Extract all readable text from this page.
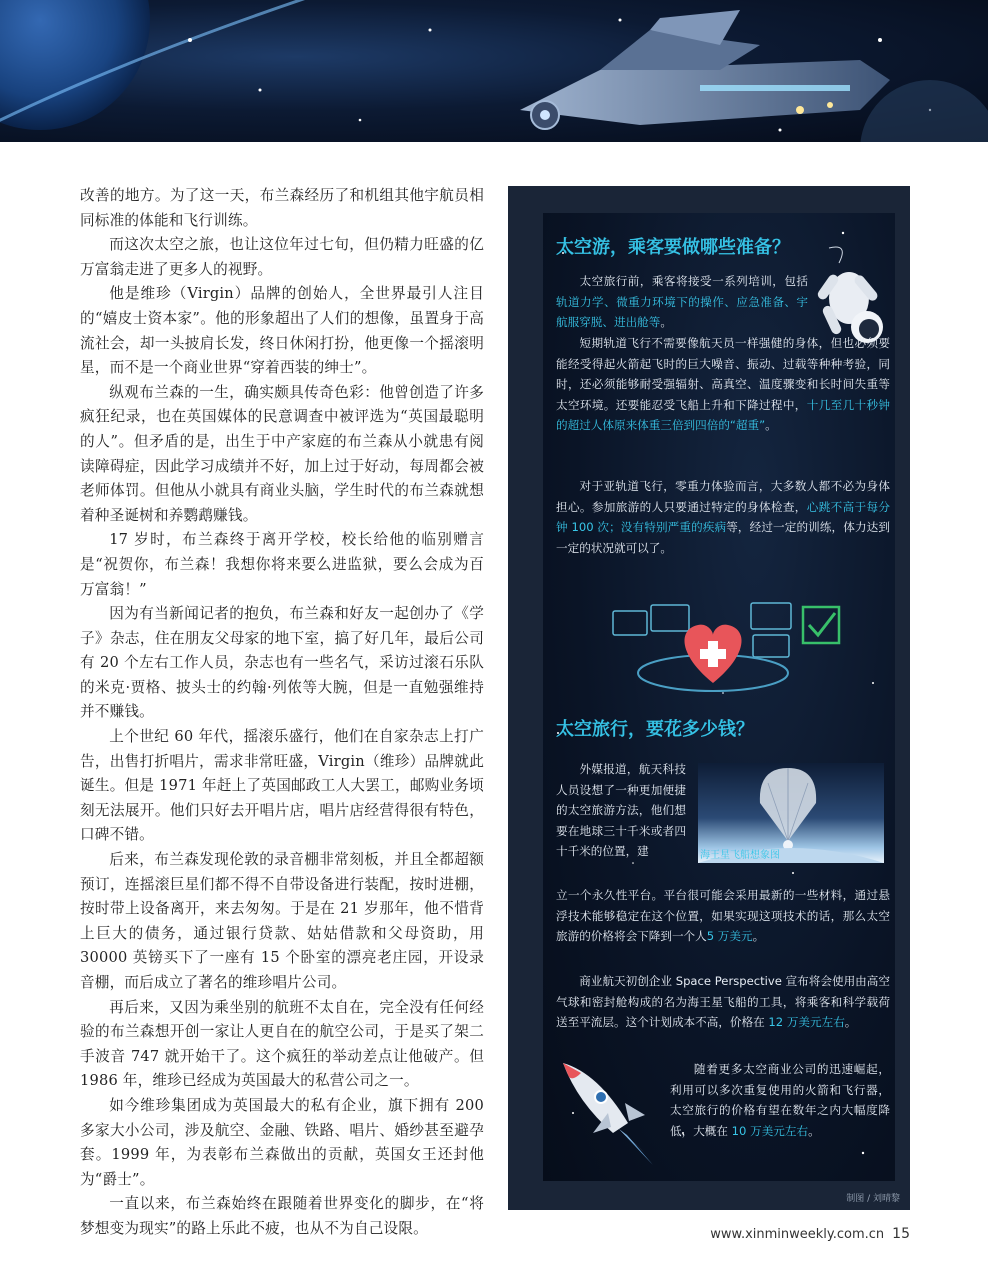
改善的地方。为了这一天，布兰森经历了和机组其他宇航员相同标准的体能和飞行训练。

而这次太空之旅，也让这位年过七旬，但仍精力旺盛的亿万富翁走进了更多人的视野。

他是维珍（Virgin）品牌的创始人，全世界最引人注目的“嬉皮士资本家”。他的形象超出了人们的想像，虽置身于高流社会，却一头披肩长发，终日休闲打扮，他更像一个摇滚明星，而不是一个商业世界“穿着西装的绅士”。

纵观布兰森的一生，确实颇具传奇色彩：他曾创造了许多疯狂纪录，也在英国媒体的民意调查中被评选为“英国最聪明的人”。但矛盾的是，出生于中产家庭的布兰森从小就患有阅读障碍症，因此学习成绩并不好，加上过于好动，每周都会被老师体罚。但他从小就具有商业头脑，学生时代的布兰森就想着种圣诞树和养鹦鹉赚钱。

17 岁时，布兰森终于离开学校，校长给他的临别赠言是“祝贺你，布兰森！我想你将来要么进监狱，要么会成为百万富翁！”

因为有当新闻记者的抱负，布兰森和好友一起创办了《学子》杂志，住在朋友父母家的地下室，搞了好几年，最后公司有 20 个左右工作人员，杂志也有一些名气，采访过滚石乐队的米克·贾格、披头士的约翰·列侬等大腕，但是一直勉强维持并不赚钱。

上个世纪 60 年代，摇滚乐盛行，他们在自家杂志上打广告，出售打折唱片，需求非常旺盛，Virgin（维珍）品牌就此诞生。但是 1971 年赶上了英国邮政工人大罢工，邮购业务顷刻无法展开。他们只好去开唱片店，唱片店经营得很有特色，口碑不错。

后来，布兰森发现伦敦的录音棚非常刻板，并且全都超额预订，连摇滚巨星们都不得不自带设备进行装配，按时进棚，按时带上设备离开，来去匆匆。于是在 21 岁那年，他不惜背上巨大的债务，通过银行贷款、姑姑借款和父母资助，用 30000 英镑买下了一座有 15 个卧室的漂亮老庄园，开设录音棚，而后成立了著名的维珍唱片公司。

再后来，又因为乘坐别的航班不太自在，完全没有任何经验的布兰森想开创一家让人更自在的航空公司，于是买了架二手波音 747 就开始干了。这个疯狂的举动差点让他破产。但 1986 年，维珍已经成为英国最大的私营公司之一。

如今维珍集团成为英国最大的私有企业，旗下拥有 200 多家大小公司，涉及航空、金融、铁路、唱片、婚纱甚至避孕套。1999 年，为表彰布兰森做出的贡献，英国女王还封他为“爵士”。

一直以来，布兰森始终在跟随着世界变化的脚步，在“将梦想变为现实”的路上乐此不疲，也从不为自己设限。

太空游，乘客要做哪些准备？
太空旅行前，乘客将接受一系列培训，包括轨道力学、微重力环境下的操作、应急准备、宇航服穿脱、进出舱等。
短期轨道飞行不需要像航天员一样强健的身体，但也必须要能经受得起火箭起飞时的巨大噪音、振动、过载等种种考验，同时，还必须能够耐受强辐射、高真空、温度骤变和长时间失重等太空环境。还要能忍受飞船上升和下降过程中，十几至几十秒钟的超过人体原来体重三倍到四倍的“超重”。
对于亚轨道飞行，零重力体验而言，大多数人都不必为身体担心。参加旅游的人只要通过特定的身体检查，心跳不高于每分钟 100 次；没有特别严重的疾病等，经过一定的训练，体力达到一定的状况就可以了。
太空旅行，要花多少钱？
外媒报道，航天科技人员设想了一种更加便捷的太空旅游方法，他们想要在地球三十千米或者四十千米的位置，建	海王星飞船想象图
立一个永久性平台。平台很可能会采用最新的一些材料，通过悬浮技术能够稳定在这个位置，如果实现这项技术的话，那么太空旅游的价格将会下降到一个人5 万美元。
商业航天初创企业 Space Perspective 宣布将会使用由高空气球和密封舱构成的名为海王星飞船的工具，将乘客和科学载荷送至平流层。这个计划成本不高，价格在 12 万美元左右。
随着更多太空商业公司的迅速崛起，利用可以多次重复使用的火箭和飞行器，太空旅行的价格有望在数年之内大幅度降低，大概在 10 万美元左右。
制图 / 刘晴黎
www.xinminweekly.com.cn 15
